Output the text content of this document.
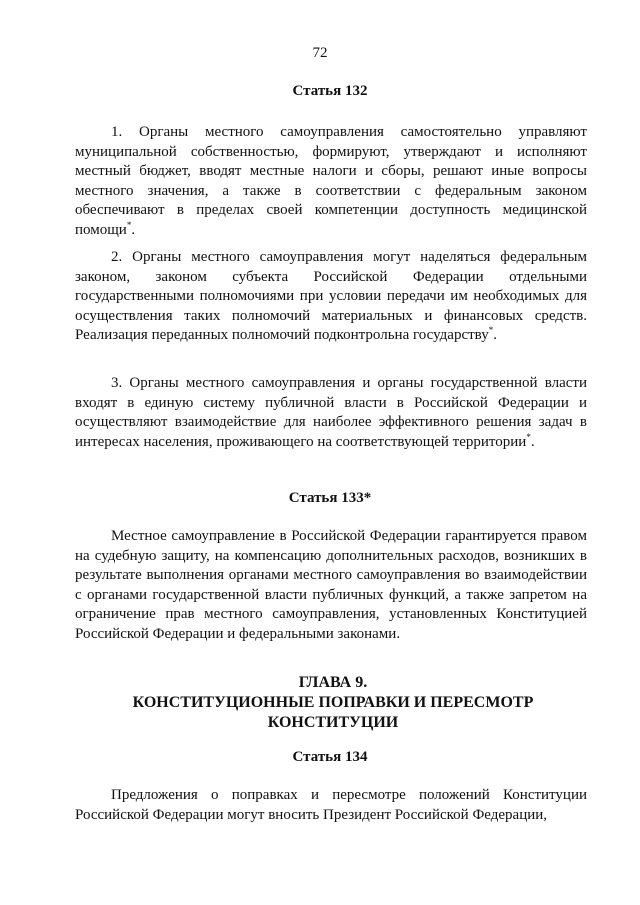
72
Статья 132

1. Органы местного самоуправления самостоятельно управляют муниципальной собственностью, формируют, утверждают и исполняют местный бюджет, вводят местные налоги и сборы, решают иные вопросы местного значения, а также в соответствии с федеральным законом обеспечивают в пределах своей компетенции доступность медицинской помощи*.

2. Органы местного самоуправления могут наделяться федеральным законом, законом субъекта Российской Федерации отдельными государственными полномочиями при условии передачи им необходимых для осуществления таких полномочий материальных и финансовых средств. Реализация переданных полномочий подконтрольна государству*.

3. Органы местного самоуправления и органы государственной власти входят в единую систему публичной власти в Российской Федерации и осуществляют взаимодействие для наиболее эффективного решения задач в интересах населения, проживающего на соответствующей территории*.

Статья 133*

Местное самоуправление в Российской Федерации гарантируется правом на судебную защиту, на компенсацию дополнительных расходов, возникших в результате выполнения органами местного самоуправления во взаимодействии с органами государственной власти публичных функций, а также запретом на ограничение прав местного самоуправления, установленных Конституцией Российской Федерации и федеральными законами.

ГЛАВА 9.
КОНСТИТУЦИОННЫЕ ПОПРАВКИ И ПЕРЕСМОТР
КОНСТИТУЦИИ
Статья 134

Предложения о поправках и пересмотре положений Конституции Российской Федерации могут вносить Президент Российской Федерации,
